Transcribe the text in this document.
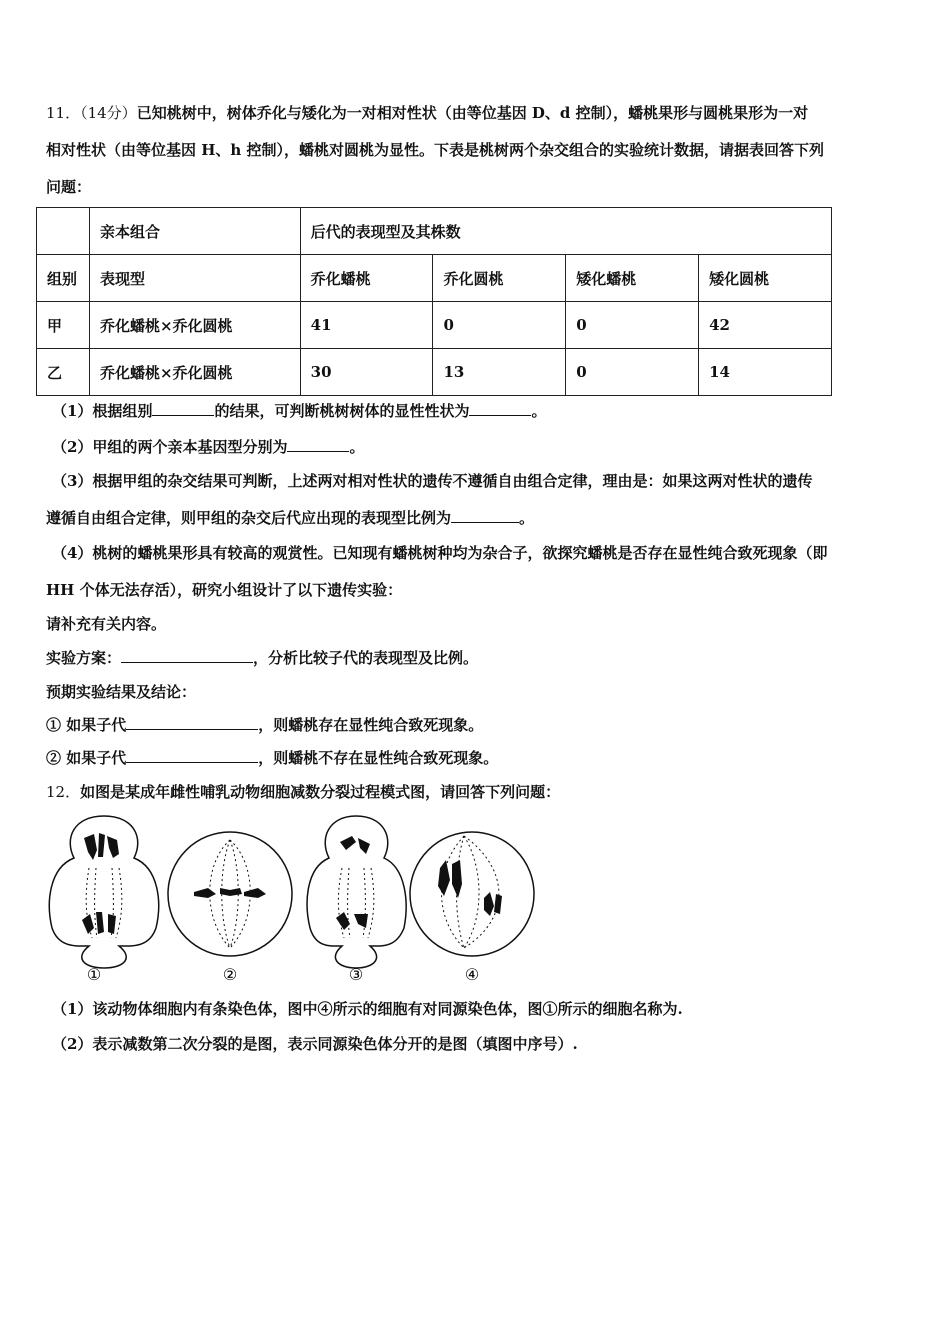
11．（14分）已知桃树中，树体乔化与矮化为一对相对性状（由等位基因 D、d 控制），蟠桃果形与圆桃果形为一对
相对性状（由等位基因 H、h 控制），蟠桃对圆桃为显性。下表是桃树两个杂交组合的实验统计数据，请据表回答下列
问题：
	亲本组合	后代的表现型及其株数			
组别	表现型	乔化蟠桃	乔化圆桃	矮化蟠桃	矮化圆桃
甲	乔化蟠桃×乔化圆桃	41	0	0	42
乙	乔化蟠桃×乔化圆桃	30	13	0	14
（1）根据组别	的结果，可判断桃树树体的显性性状为	。
（2）甲组的两个亲本基因型分别为	。
（3）根据甲组的杂交结果可判断，上述两对相对性状的遗传不遵循自由组合定律，理由是：如果这两对性状的遗传
遵循自由组合定律，则甲组的杂交后代应出现的表现型比例为	。
（4）桃树的蟠桃果形具有较高的观赏性。已知现有蟠桃树种均为杂合子，欲探究蟠桃是否存在显性纯合致死现象（即
HH 个体无法存活），研究小组设计了以下遗传实验：
请补充有关内容。
实验方案：	，分析比较子代的表现型及比例。
预期实验结果及结论：
① 如果子代	，则蟠桃存在显性纯合致死现象。
② 如果子代	，则蟠桃不存在显性纯合致死现象。
12．如图是某成年雌性哺乳动物细胞减数分裂过程模式图，请回答下列问题：
①	②	③	④
（1）该动物体细胞内有条染色体，图中④所示的细胞有对同源染色体，图①所示的细胞名称为.
（2）表示减数第二次分裂的是图，表示同源染色体分开的是图（填图中序号）.
